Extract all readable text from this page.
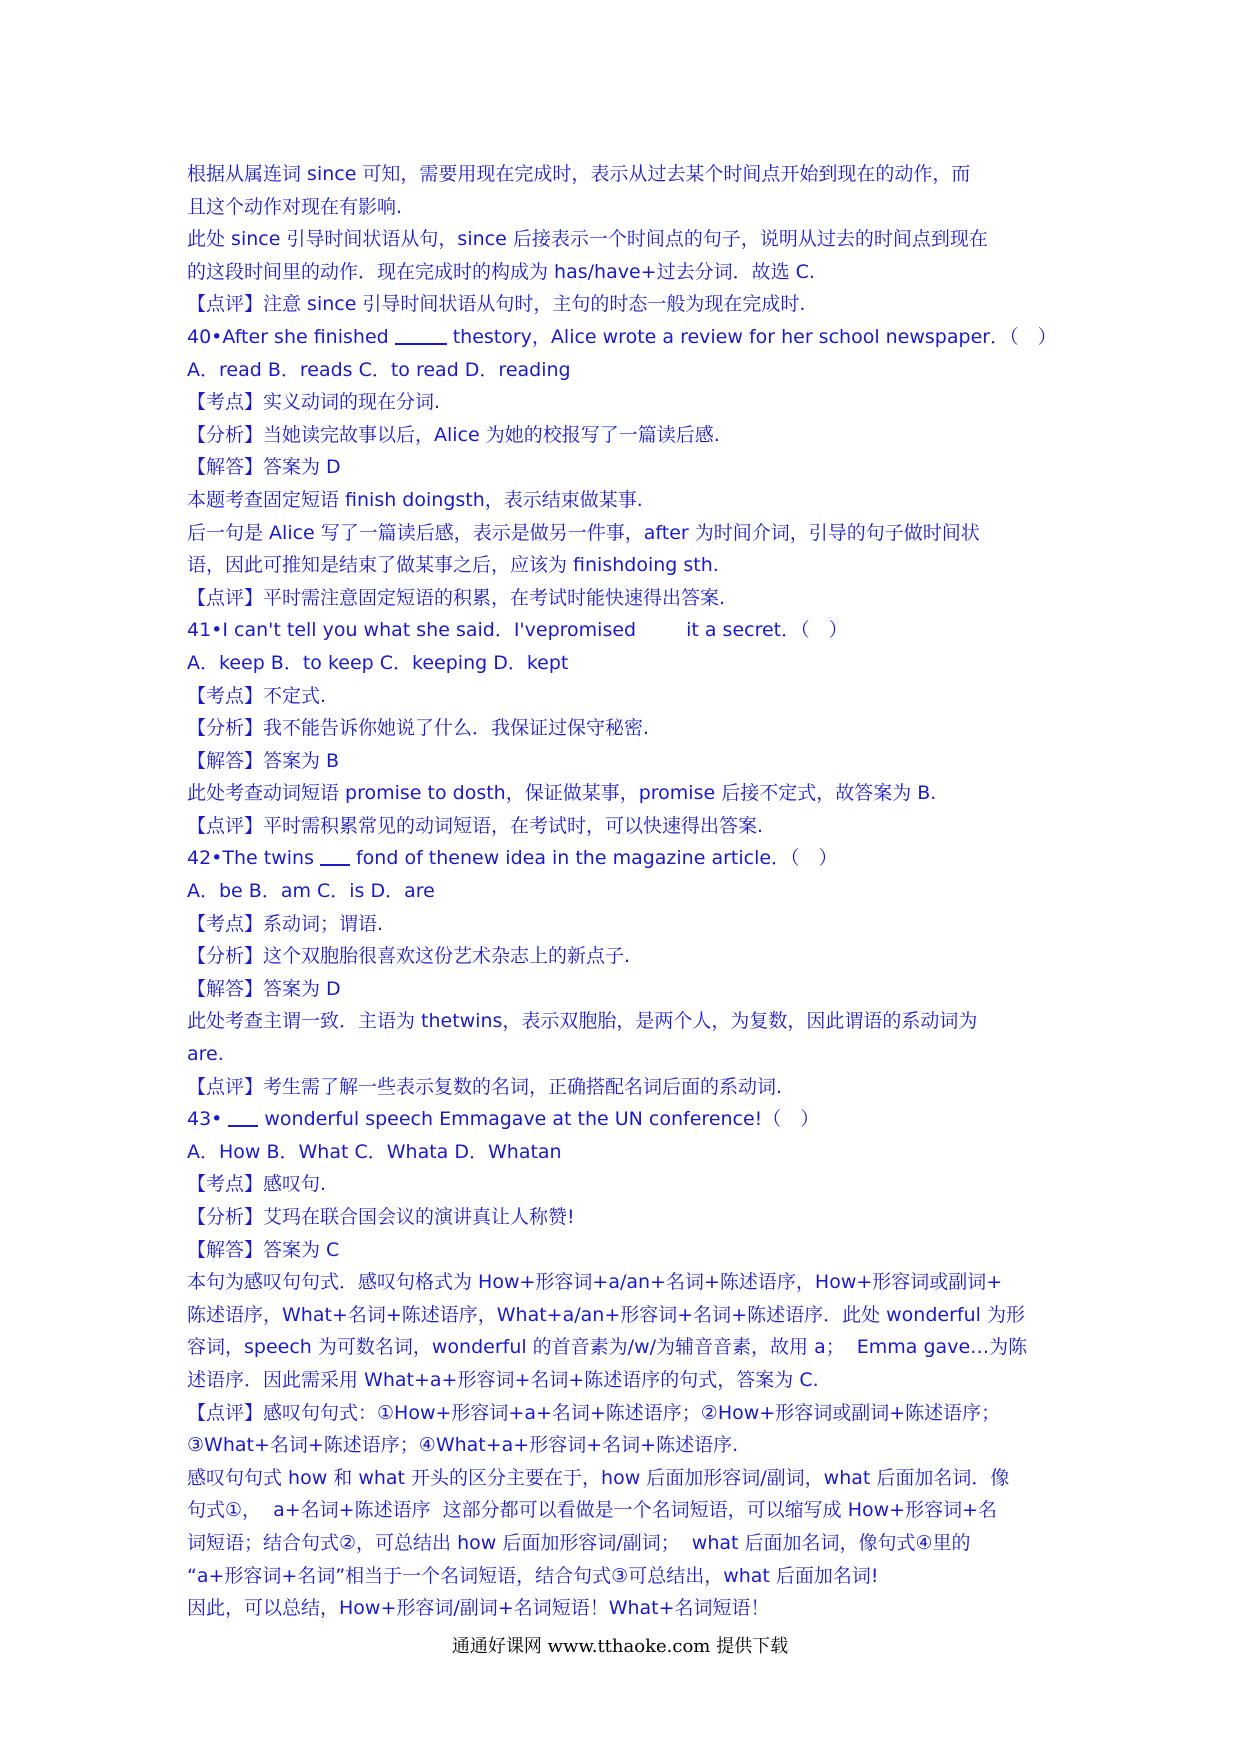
根据从属连词 since 可知，需要用现在完成时，表示从过去某个时间点开始到现在的动作，而
且这个动作对现在有影响.
此处 since 引导时间状语从句，since 后接表示一个时间点的句子，说明从过去的时间点到现在
的这段时间里的动作．现在完成时的构成为 has/have+过去分词．故选 C.
【点评】注意 since 引导时间状语从句时，主句的时态一般为现在完成时.
40•After she finished	thestory，Alice wrote a review for her school newspaper．（　）
A．read B．reads C．to read D．reading
【考点】实义动词的现在分词.
【分析】当她读完故事以后，Alice 为她的校报写了一篇读后感.
【解答】答案为 D
本题考查固定短语 finish doingsth，表示结束做某事.
后一句是 Alice 写了一篇读后感，表示是做另一件事，after 为时间介词，引导的句子做时间状
语，因此可推知是结束了做某事之后，应该为 finishdoing sth.
【点评】平时需注意固定短语的积累，在考试时能快速得出答案.
41•I can't tell you what she said．I'vepromised	it a secret．（　）
A．keep B．to keep C．keeping D．kept
【考点】不定式.
【分析】我不能告诉你她说了什么．我保证过保守秘密.
【解答】答案为 B
此处考查动词短语 promise to dosth，保证做某事，promise 后接不定式，故答案为 B.
【点评】平时需积累常见的动词短语，在考试时，可以快速得出答案.
42•The twins fond of thenew idea in the magazine article．（　）
A．be B．am C．is D．are
【考点】系动词；谓语.
【分析】这个双胞胎很喜欢这份艺术杂志上的新点子.
【解答】答案为 D
此处考查主谓一致．主语为 thetwins，表示双胞胎，是两个人，为复数，因此谓语的系动词为
are.
【点评】考生需了解一些表示复数的名词，正确搭配名词后面的系动词.
43• wonderful speech Emmagave at the UN conference!（　）
A．How B．What C．Whata D．Whatan
【考点】感叹句.
【分析】艾玛在联合国会议的演讲真让人称赞!
【解答】答案为 C
本句为感叹句句式．感叹句格式为 How+形容词+a/an+名词+陈述语序，How+形容词或副词+
陈述语序，What+名词+陈述语序，What+a/an+形容词+名词+陈述语序．此处 wonderful 为形
容词，speech 为可数名词，wonderful 的首音素为/w/为辅音音素，故用 a；  Emma gave…为陈
述语序．因此需采用 What+a+形容词+名词+陈述语序的句式，答案为 C.
【点评】感叹句句式：①How+形容词+a+名词+陈述语序；②How+形容词或副词+陈述语序；
③What+名词+陈述语序；④What+a+形容词+名词+陈述语序.
感叹句句式 how 和 what 开头的区分主要在于，how 后面加形容词/副词，what 后面加名词．像
句式①，  a+名词+陈述语序  这部分都可以看做是一个名词短语，可以缩写成 How+形容词+名
词短语；结合句式②，可总结出 how 后面加形容词/副词；  what 后面加名词，像句式④里的
“a+形容词+名词”相当于一个名词短语，结合句式③可总结出，what 后面加名词!
因此，可以总结，How+形容词/副词+名词短语！What+名词短语！
通通好课网 www.tthaoke.com 提供下载
